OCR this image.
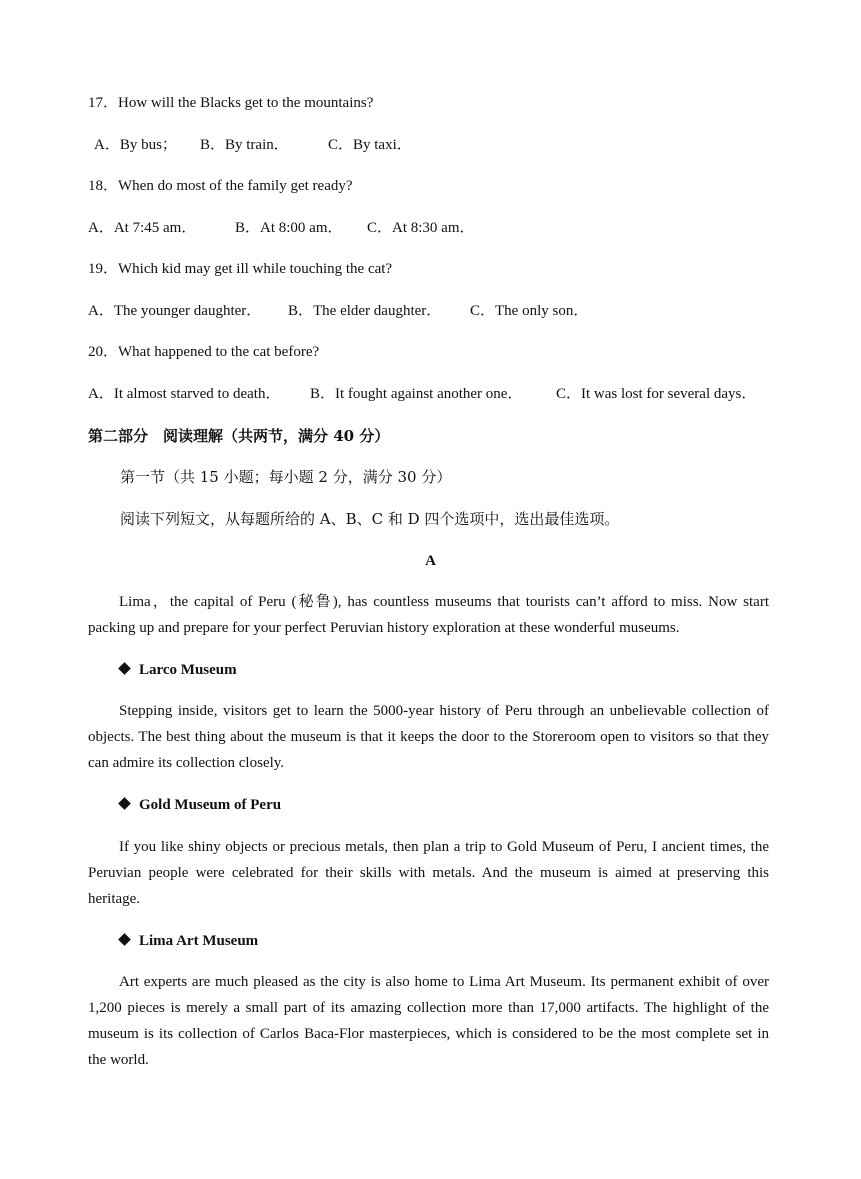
17．How will the Blacks get to the mountains?
A．By bus； B．By train．	C．By taxi．
18．When do most of the family get ready?
A．At 7:45 am．	B．At 8:00 am． C．At 8:30 am．
19．Which kid may get ill while touching the cat?
A．The younger daughter． B．The elder daughter． C．The only son．
20．What happened to the cat before?
A．It almost starved to death． B．It fought against another one． C．It was lost for several days．
第二部分　阅读理解（共两节，满分 40 分）
第一节（共 15 小题；每小题 2 分，满分 30 分）
阅读下列短文，从每题所给的 A、B、C 和 D 四个选项中，选出最佳选项。
A
Lima，the capital of Peru (秘鲁), has countless museums that tourists can’t afford to miss. Now start packing up and prepare for your perfect Peruvian history exploration at these wonderful museums.
Larco Museum
Stepping inside, visitors get to learn the 5000-year history of Peru through an unbelievable collection of objects. The best thing about the museum is that it keeps the door to the Storeroom open to visitors so that they can admire its collection closely.
Gold Museum of Peru
If you like shiny objects or precious metals, then plan a trip to Gold Museum of Peru, I ancient times, the Peruvian people were celebrated for their skills with metals. And the museum is aimed at preserving this heritage.
Lima Art Museum
Art experts are much pleased as the city is also home to Lima Art Museum. Its permanent exhibit of over 1,200 pieces is merely a small part of its amazing collection more than 17,000 artifacts. The highlight of the museum is its collection of Carlos Baca-Flor masterpieces, which is considered to be the most complete set in the world.
